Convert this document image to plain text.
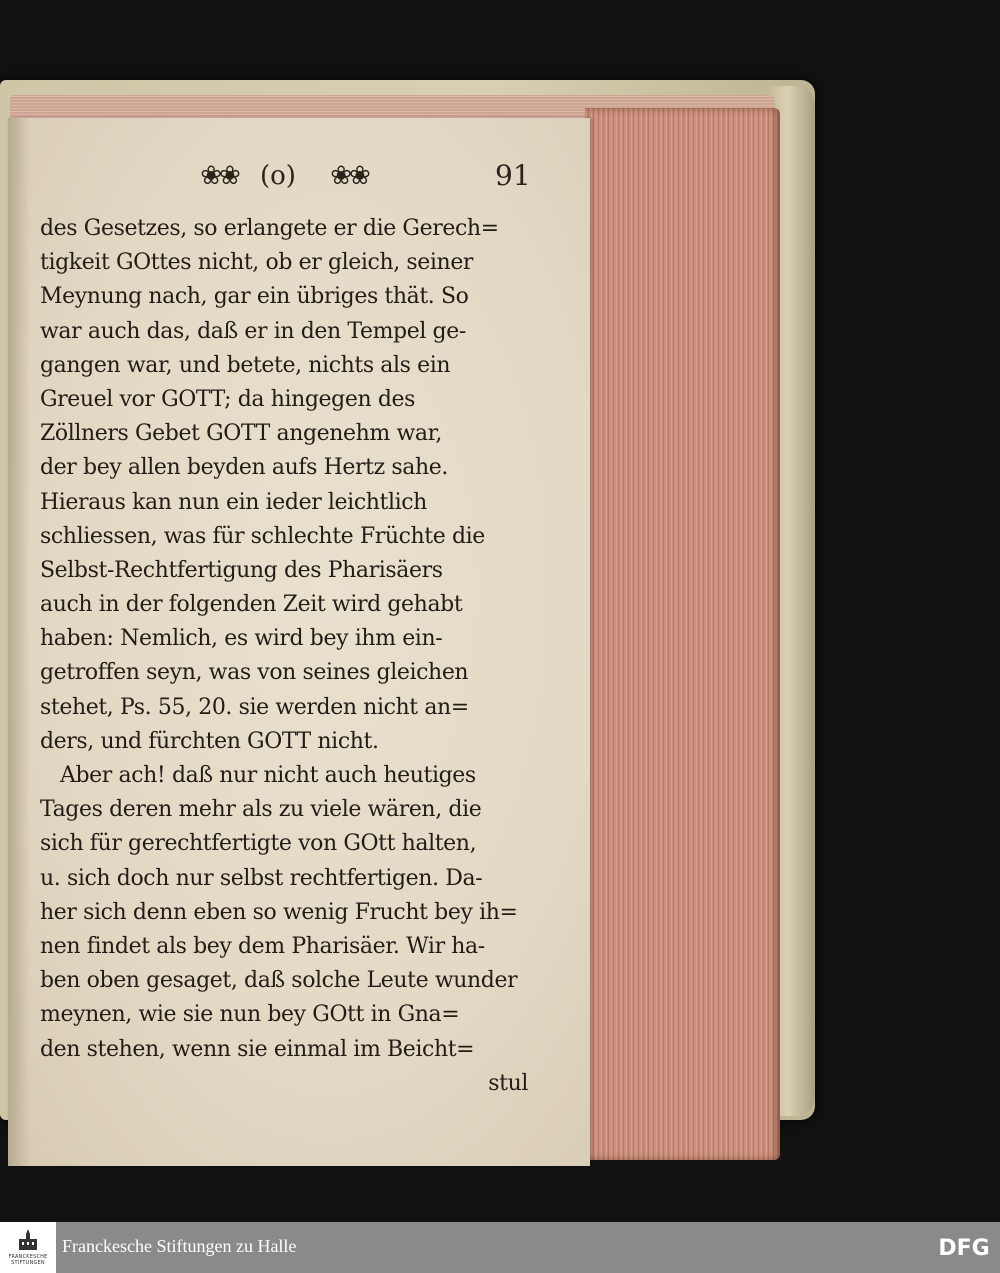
❀❀ (o) ❀❀	91
des Gesetzes, so erlangete er die Gerech=
tigkeit GOttes nicht, ob er gleich, seiner
Meynung nach, gar ein übriges thät. So
war auch das, daß er in den Tempel ge-
gangen war, und betete, nichts als ein
Greuel vor GOTT; da hingegen des
Zöllners Gebet GOTT angenehm war,
der bey allen beyden aufs Hertz sahe.
Hieraus kan nun ein ieder leichtlich
schliessen, was für schlechte Früchte die
Selbst-Rechtfertigung des Pharisäers
auch in der folgenden Zeit wird gehabt
haben: Nemlich, es wird bey ihm ein-
getroffen seyn, was von seines gleichen
stehet, Ps. 55, 20. sie werden nicht an=
ders, und fürchten GOTT nicht.
Aber ach! daß nur nicht auch heutiges
Tages deren mehr als zu viele wären, die
sich für gerechtfertigte von GOtt halten,
u. sich doch nur selbst rechtfertigen. Da-
her sich denn eben so wenig Frucht bey ih=
nen findet als bey dem Pharisäer. Wir ha-
ben oben gesaget, daß solche Leute wunder
meynen, wie sie nun bey GOtt in Gna=
den stehen, wenn sie einmal im Beicht=
stul
FRANCKESCHE STIFTUNGEN
Franckesche Stiftungen zu Halle	DFG
